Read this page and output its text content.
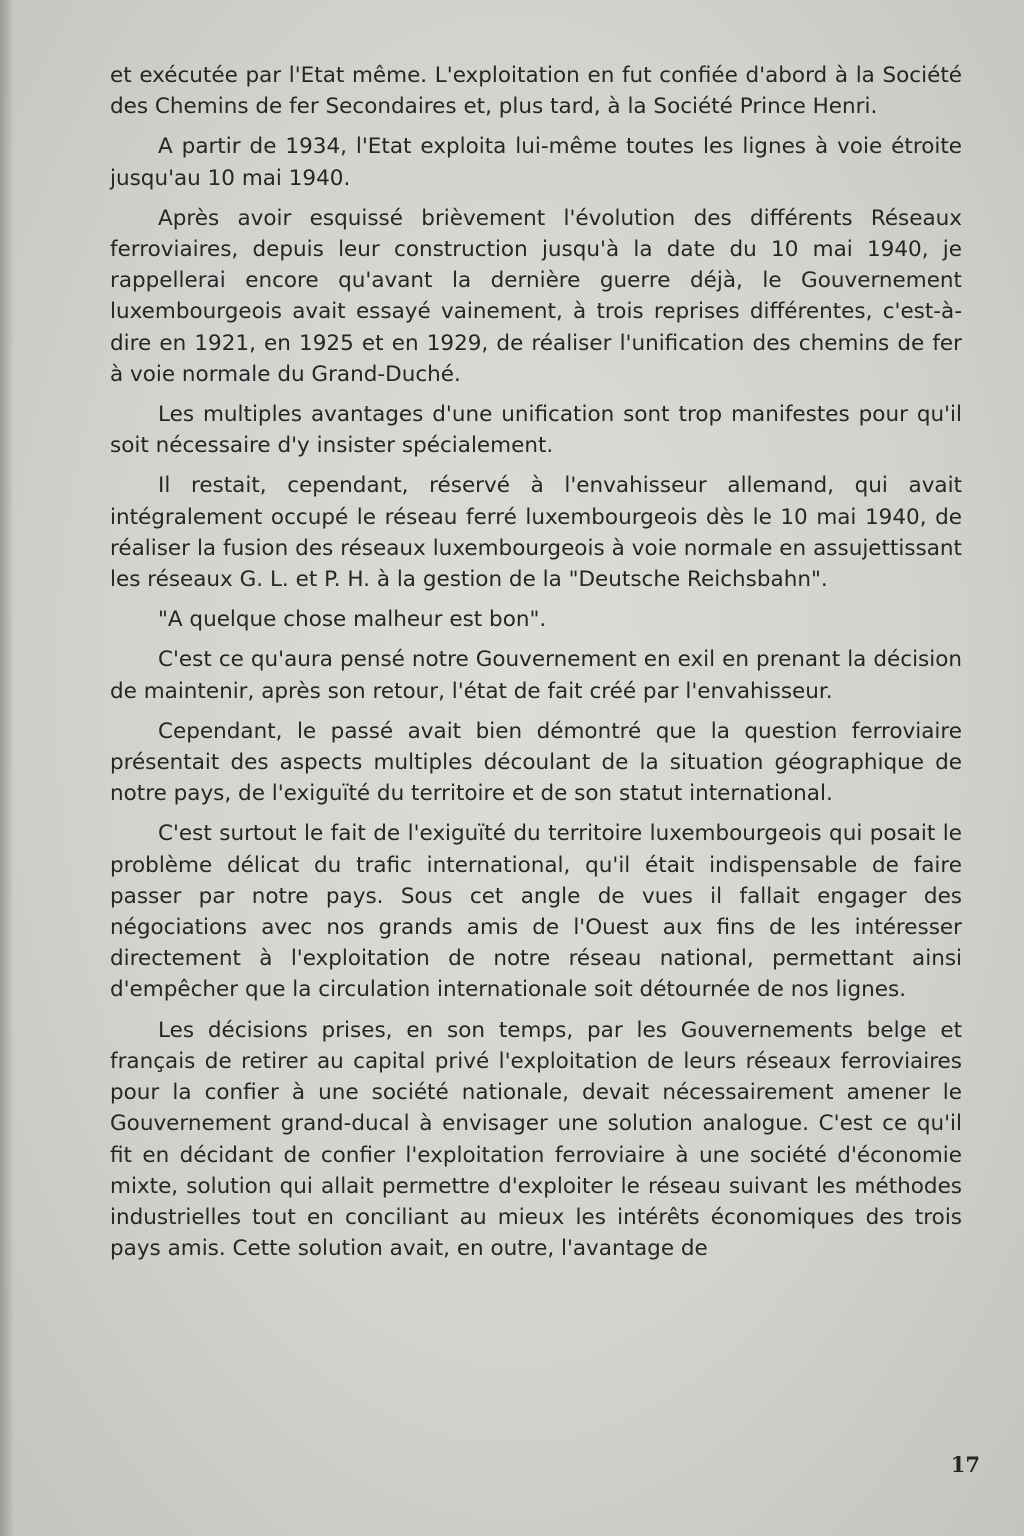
et exécutée par l'Etat même. L'exploitation en fut confiée d'abord à la Société des Chemins de fer Secondaires et, plus tard, à la Société Prince Henri.

A partir de 1934, l'Etat exploita lui-même toutes les lignes à voie étroite jusqu'au 10 mai 1940.

Après avoir esquissé brièvement l'évolution des différents Réseaux ferroviaires, depuis leur construction jusqu'à la date du 10 mai 1940, je rappellerai encore qu'avant la dernière guerre déjà, le Gouvernement luxembourgeois avait essayé vainement, à trois reprises différentes, c'est-à-dire en 1921, en 1925 et en 1929, de réaliser l'unification des chemins de fer à voie normale du Grand-Duché.

Les multiples avantages d'une unification sont trop manifestes pour qu'il soit nécessaire d'y insister spécialement.

Il restait, cependant, réservé à l'envahisseur allemand, qui avait intégralement occupé le réseau ferré luxembourgeois dès le 10 mai 1940, de réaliser la fusion des réseaux luxembourgeois à voie normale en assujettissant les réseaux G. L. et P. H. à la gestion de la "Deutsche Reichsbahn".

"A quelque chose malheur est bon".

C'est ce qu'aura pensé notre Gouvernement en exil en prenant la décision de maintenir, après son retour, l'état de fait créé par l'envahisseur.

Cependant, le passé avait bien démontré que la question ferroviaire présentait des aspects multiples découlant de la situation géographique de notre pays, de l'exiguïté du territoire et de son statut international.

C'est surtout le fait de l'exiguïté du territoire luxembourgeois qui posait le problème délicat du trafic international, qu'il était indispensable de faire passer par notre pays. Sous cet angle de vues il fallait engager des négociations avec nos grands amis de l'Ouest aux fins de les intéresser directement à l'exploitation de notre réseau national, permettant ainsi d'empêcher que la circulation internationale soit détournée de nos lignes.

Les décisions prises, en son temps, par les Gouvernements belge et français de retirer au capital privé l'exploitation de leurs réseaux ferroviaires pour la confier à une société nationale, devait nécessairement amener le Gouvernement grand-ducal à envisager une solution analogue. C'est ce qu'il fit en décidant de confier l'exploitation ferroviaire à une société d'économie mixte, solution qui allait permettre d'exploiter le réseau suivant les méthodes industrielles tout en conciliant au mieux les intérêts économiques des trois pays amis. Cette solution avait, en outre, l'avantage de

17
